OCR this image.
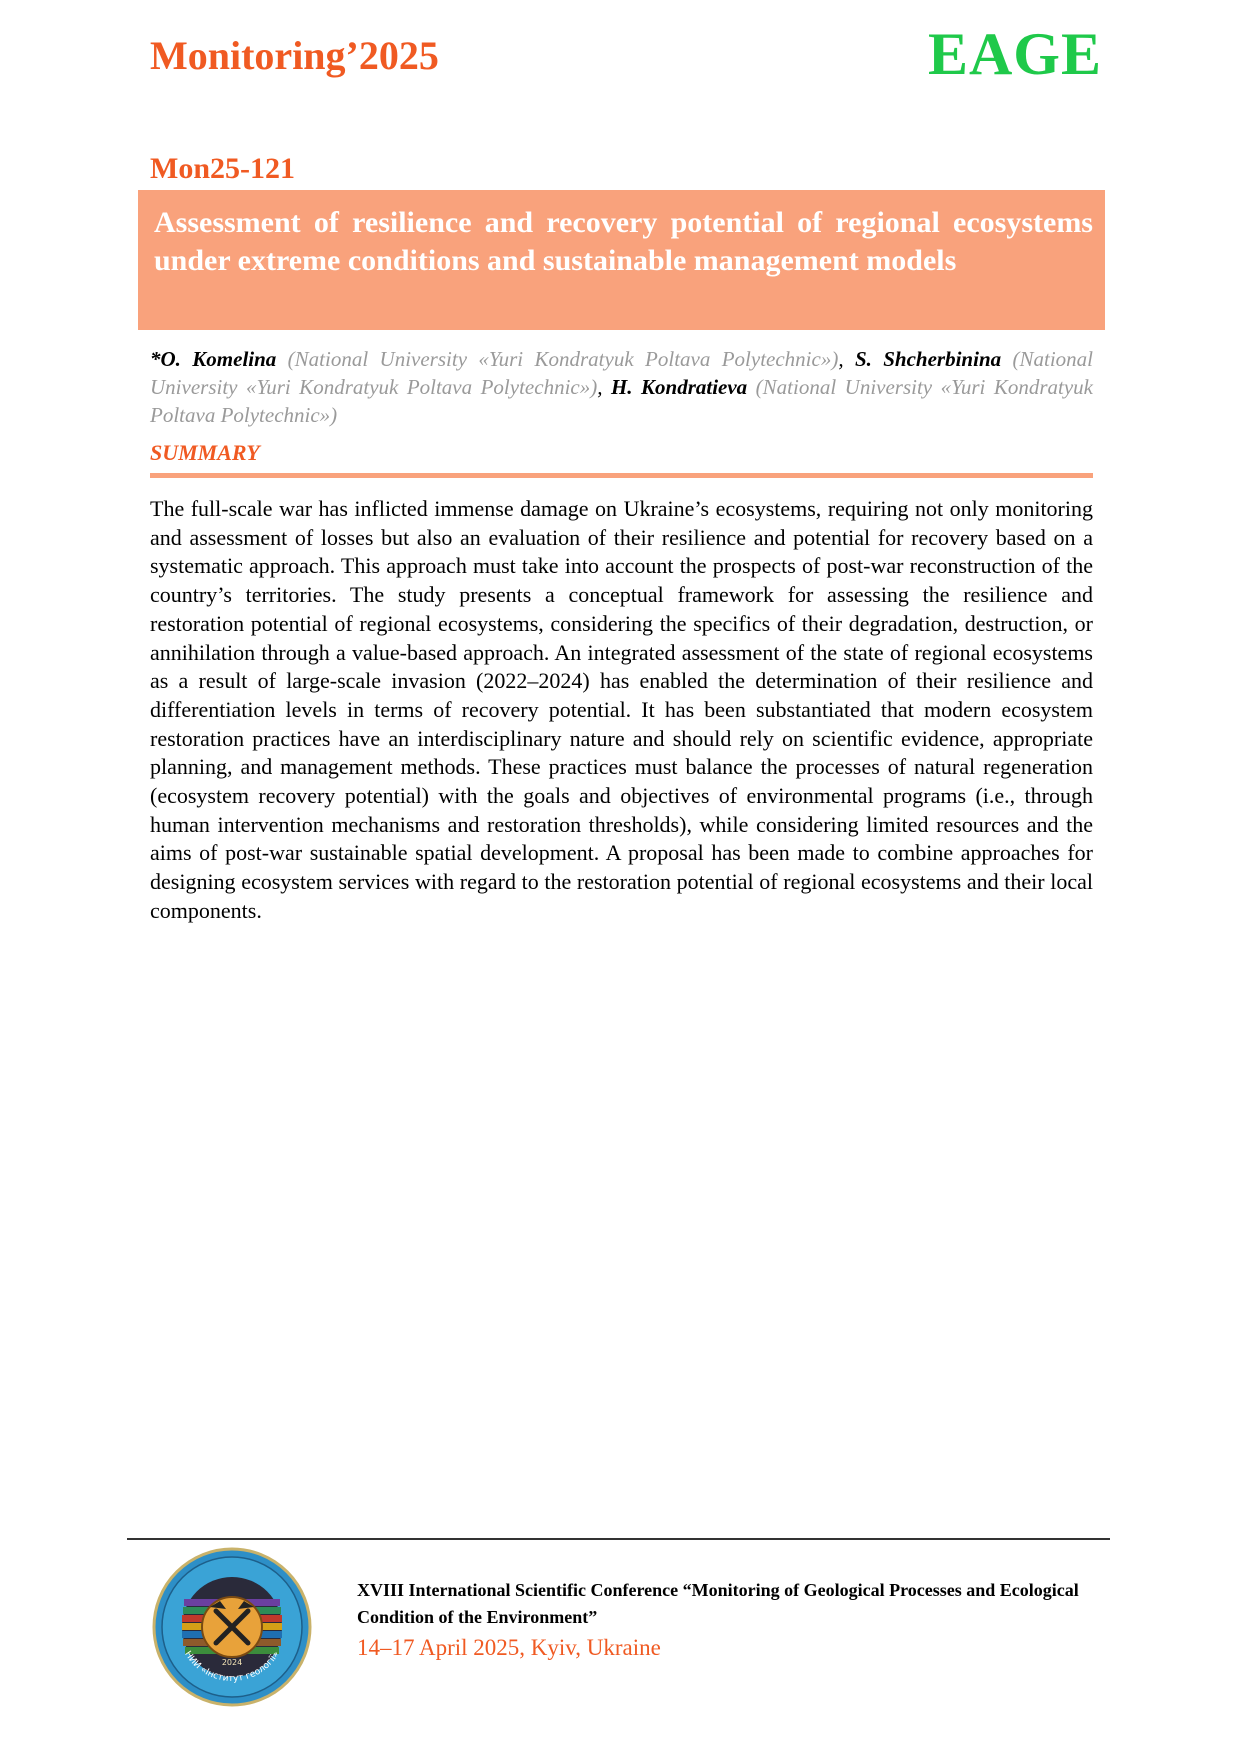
Monitoring’2025	EAGE
Mon25-121
Assessment of resilience and recovery potential of regional ecosystems under extreme conditions and sustainable management models
*O. Komelina (National University «Yuri Kondratyuk Poltava Polytechnic»), S. Shcherbinina (National University «Yuri Kondratyuk Poltava Polytechnic»), H. Kondratieva (National University «Yuri Kondratyuk Poltava Polytechnic»)
SUMMARY

The full-scale war has inflicted immense damage on Ukraine’s ecosystems, requiring not only monitoring and assessment of losses but also an evaluation of their resilience and potential for recovery based on a systematic approach. This approach must take into account the prospects of post-war reconstruction of the country’s territories. The study presents a conceptual framework for assessing the resilience and restoration potential of regional ecosystems, considering the specifics of their degradation, destruction, or annihilation through a value-based approach. An integrated assessment of the state of regional ecosystems as a result of large-scale invasion (2022–2024) has enabled the determination of their resilience and differentiation levels in terms of recovery potential. It has been substantiated that modern ecosystem restoration practices have an interdisciplinary nature and should rely on scientific evidence, appropriate planning, and management methods. These practices must balance the processes of natural regeneration (ecosystem recovery potential) with the goals and objectives of environmental programs (i.e., through human intervention mechanisms and restoration thresholds), while considering limited resources and the aims of post-war sustainable spatial development. A proposal has been made to combine approaches for designing ecosystem services with regard to the restoration potential of regional ecosystems and their local components.

2024
НИИ «Інститут геології»
XVIII International Scientific Conference “Monitoring of Geological Processes and Ecological Condition of the Environment”
14–17 April 2025, Kyiv, Ukraine
